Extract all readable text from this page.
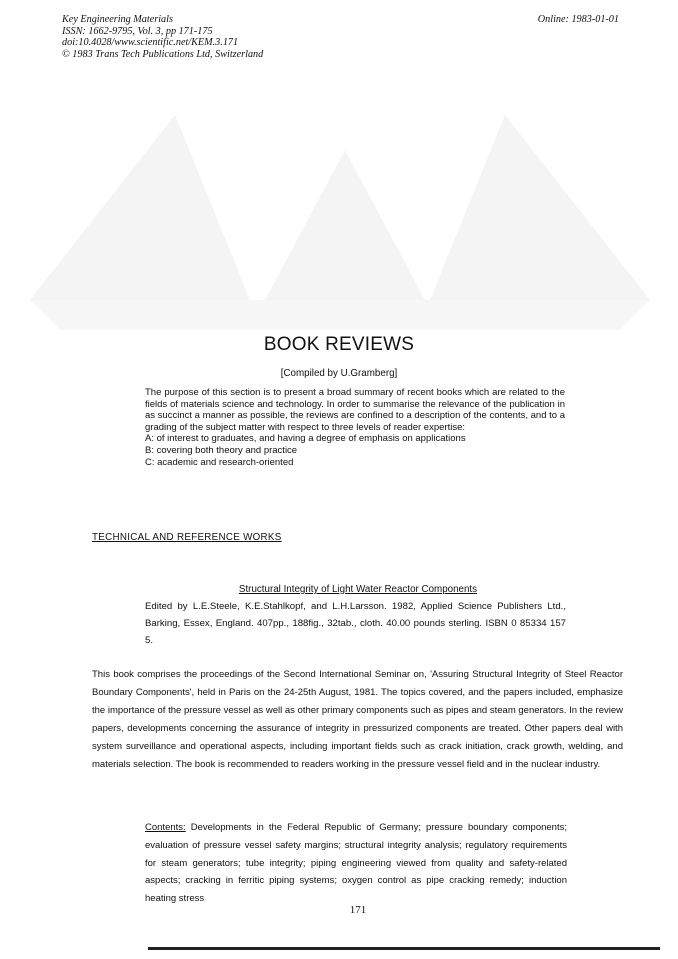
Key Engineering Materials
ISSN: 1662-9795, Vol. 3, pp 171-175
doi:10.4028/www.scientific.net/KEM.3.171
© 1983 Trans Tech Publications Ltd, Switzerland
Online: 1983-01-01
BOOK REVIEWS
[Compiled by U.Gramberg]

The purpose of this section is to present a broad summary of recent books which are related to the fields of materials science and technology. In order to summarise the relevance of the publication in as succinct a manner as possible, the reviews are confined to a description of the contents, and to a grading of the subject matter with respect to three levels of reader expertise:

A: of interest to graduates, and having a degree of emphasis on applications
B: covering both theory and practice
C: academic and research-oriented
TECHNICAL AND REFERENCE WORKS
Structural Integrity of Light Water Reactor Components
Edited by L.E.Steele, K.E.Stahlkopf, and L.H.Larsson. 1982, Applied Science Publishers Ltd., Barking, Essex, England. 407pp., 188fig., 32tab., cloth. 40.00 pounds sterling. ISBN 0 85334 157 5.
This book comprises the proceedings of the Second International Seminar on, 'Assuring Structural Integrity of Steel Reactor Boundary Components', held in Paris on the 24-25th August, 1981. The topics covered, and the papers included, emphasize the importance of the pressure vessel as well as other primary components such as pipes and steam generators. In the review papers, developments concerning the assurance of integrity in pressurized components are treated. Other papers deal with system surveillance and operational aspects, including important fields such as crack initiation, crack growth, welding, and materials selection. The book is recommended to readers working in the pressure vessel field and in the nuclear industry.
Contents: Developments in the Federal Republic of Germany; pressure boundary components; evaluation of pressure vessel safety margins; structural integrity analysis; regulatory requirements for steam generators; tube integrity; piping engineering viewed from quality and safety-related aspects; cracking in ferritic piping systems; oxygen control as pipe cracking remedy; induction heating stress
171
